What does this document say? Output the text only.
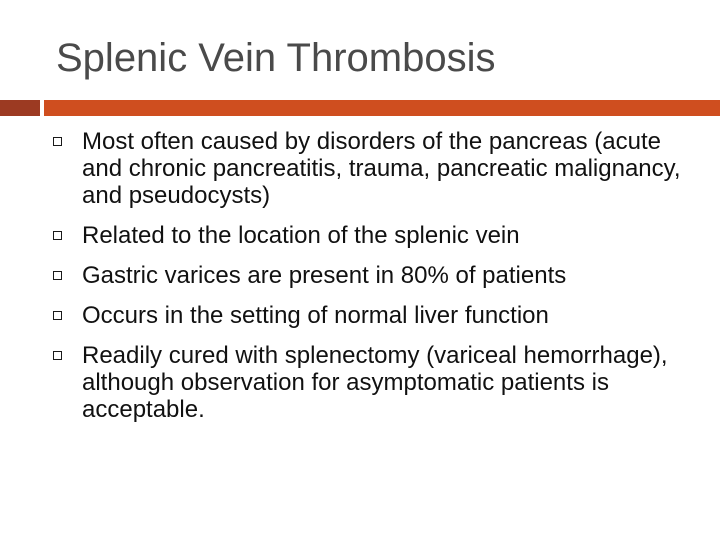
Splenic Vein Thrombosis
Most often caused by disorders of the pancreas (acute and chronic pancreatitis, trauma, pancreatic malignancy, and pseudocysts)
Related to the location of the splenic vein
Gastric varices are present in 80% of patients
Occurs in the setting of normal liver function
Readily cured with splenectomy (variceal hemorrhage), although observation for asymptomatic patients is acceptable.
